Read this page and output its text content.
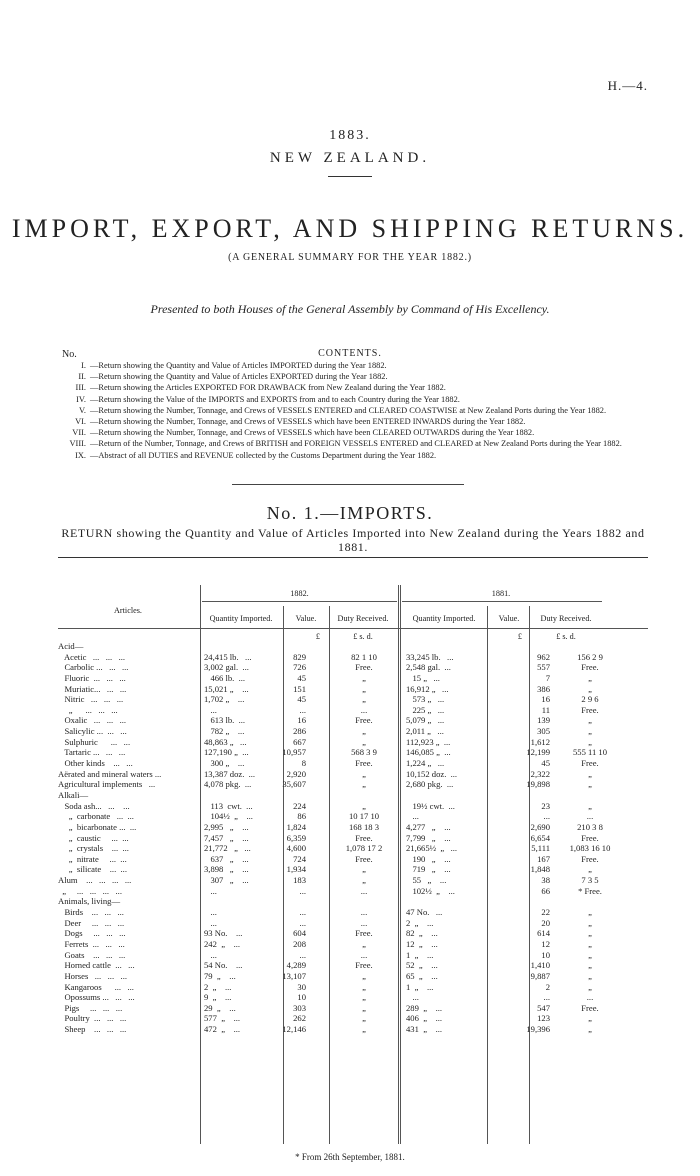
H.—4.
1883.
NEW ZEALAND.
IMPORT, EXPORT, AND SHIPPING RETURNS.
(A GENERAL SUMMARY FOR THE YEAR 1882.)
Presented to both Houses of the General Assembly by Command of His Excellency.
No.	CONTENTS.
I. —Return showing the Quantity and Value of Articles IMPORTED during the Year 1882.
II. —Return showing the Quantity and Value of Articles EXPORTED during the Year 1882.
III. —Return showing the Articles EXPORTED FOR DRAWBACK from New Zealand during the Year 1882.
IV. —Return showing the Value of the IMPORTS and EXPORTS from and to each Country during the Year 1882.
V. —Return showing the Number, Tonnage, and Crews of VESSELS ENTERED and CLEARED COASTWISE at New Zealand Ports during the Year 1882.
VI. —Return showing the Number, Tonnage, and Crews of VESSELS which have been ENTERED INWARDS during the Year 1882.
VII. —Return showing the Number, Tonnage, and Crews of VESSELS which have been CLEARED OUTWARDS during the Year 1882.
VIII. —Return of the Number, Tonnage, and Crews of BRITISH and FOREIGN VESSELS ENTERED and CLEARED at New Zealand Ports during the Year 1882.
IX. —Abstract of all DUTIES and REVENUE collected by the Customs Department during the Year 1882.
No. 1.—IMPORTS.
RETURN showing the Quantity and Value of Articles Imported into New Zealand during the Years 1882 and 1881.
Articles.
1882.	1881.
Quantity Imported.	Value.	Duty Received.	Quantity Imported.	Value.	Duty Received.
£	£ s. d.	£	£ s. d.
Acid—
Acetic   ...   ...   ...	24,415 lb.   ...	829	82 1 10	33,245 lb.   ...	962	156 2 9
Carbolic ...   ...   ...	3,002 gal.  ...	726	Free.	2,548 gal.  ...	557	Free.
Fluoric  ...   ...   ...	466 lb.  ...	45	„	15 „   ...	7	„
Muriatic...   ...   ...	15,021 „    ...	151	„	16,912 „   ...	386	„
Nitric   ...   ...   ...	1,702 „    ...	45	„	573 „   ...	16	2 9 6
„      ...   ...   ...	...	...	...	225 „   ...	11	Free.
Oxalic   ...   ...   ...	613 lb.  ...	16	Free.	5,079 „   ...	139	„
Salicylic ...  ...   ...	782 „    ...	286	„	2,011 „   ...	305	„
Sulphuric      ...   ...	48,863 „   ...	667	„	112,923 „  ...	1,612	„
Tartaric ...   ...   ...	127,190 „  ...	10,957	568 3 9	146,085 „  ...	12,199	555 11 10
Other kinds    ...   ...	300 „    ...	8	Free.	1,224 „   ...	45	Free.
Aërated and mineral waters ...	13,387 doz.  ...	2,920	„	10,152 doz.  ...	2,322	„
Agricultural implements   ...	4,078 pkg.  ...	35,607	„	2,680 pkg.  ...	19,898	„
Alkali—
Soda ash...   ...    ...	113  cwt.  ...	224	„	19½ cwt.  ...	23	„
„  carbonate   ...  ...	104½  „    ...	86	10 17 10	...	...	...
„  bicarbonate ...  ...	2,995   „    ...	1,824	168 18 3	4,277   „    ...	2,690	210 3 8
„  caustic     ...  ...	7,457   „    ...	6,359	Free.	7,799   „    ...	6,654	Free.
„  crystals    ...  ...	21,772   „   ...	4,600	1,078 17 2	21,665½  „   ...	5,111	1,083 16 10
„  nitrate     ...  ...	637   „    ...	724	Free.	190   „    ...	167	Free.
„  silicate    ...  ...	3,898   „    ...	1,934	„	719   „    ...	1,848	„
Alum    ...   ...   ...   ...	307   „    ...	183	„	55   „    ...	38	7 3 5
„     ...   ...   ...   ...	...	...	...	102½  „    ...	66	* Free.
Animals, living—
Birds    ...   ...   ...	...	...	...	47 No.   ...	22	„
Deer     ...   ...   ...	...	...	...	2  „    ...	20	„
Dogs     ...   ...   ...	93 No.    ...	604	Free.	82  „    ...	614	„
Ferrets  ...   ...   ...	242  „    ...	208	„	12  „    ...	12	„
Goats    ...   ...   ...	...	...	...	1  „    ...	10	„
Horned cattle  ...   ...	54 No.    ...	4,289	Free.	52  „    ...	1,410	„
Horses   ...   ...   ...	79  „    ...	13,107	„	65  „    ...	9,887	„
Kangaroos      ...   ...	2  „    ...	30	„	1  „    ...	2	„
Opossums ...   ...   ...	9  „    ...	10	„	...	...	...
Pigs     ...   ...   ...	29  „    ...	303	„	289  „    ...	547	Free.
Poultry  ...   ...   ...	577  „    ...	262	„	406  „    ...	123	„
Sheep    ...   ...   ...	472  „    ...	12,146	„	431  „    ...	19,396	„
* From 26th September, 1881.
